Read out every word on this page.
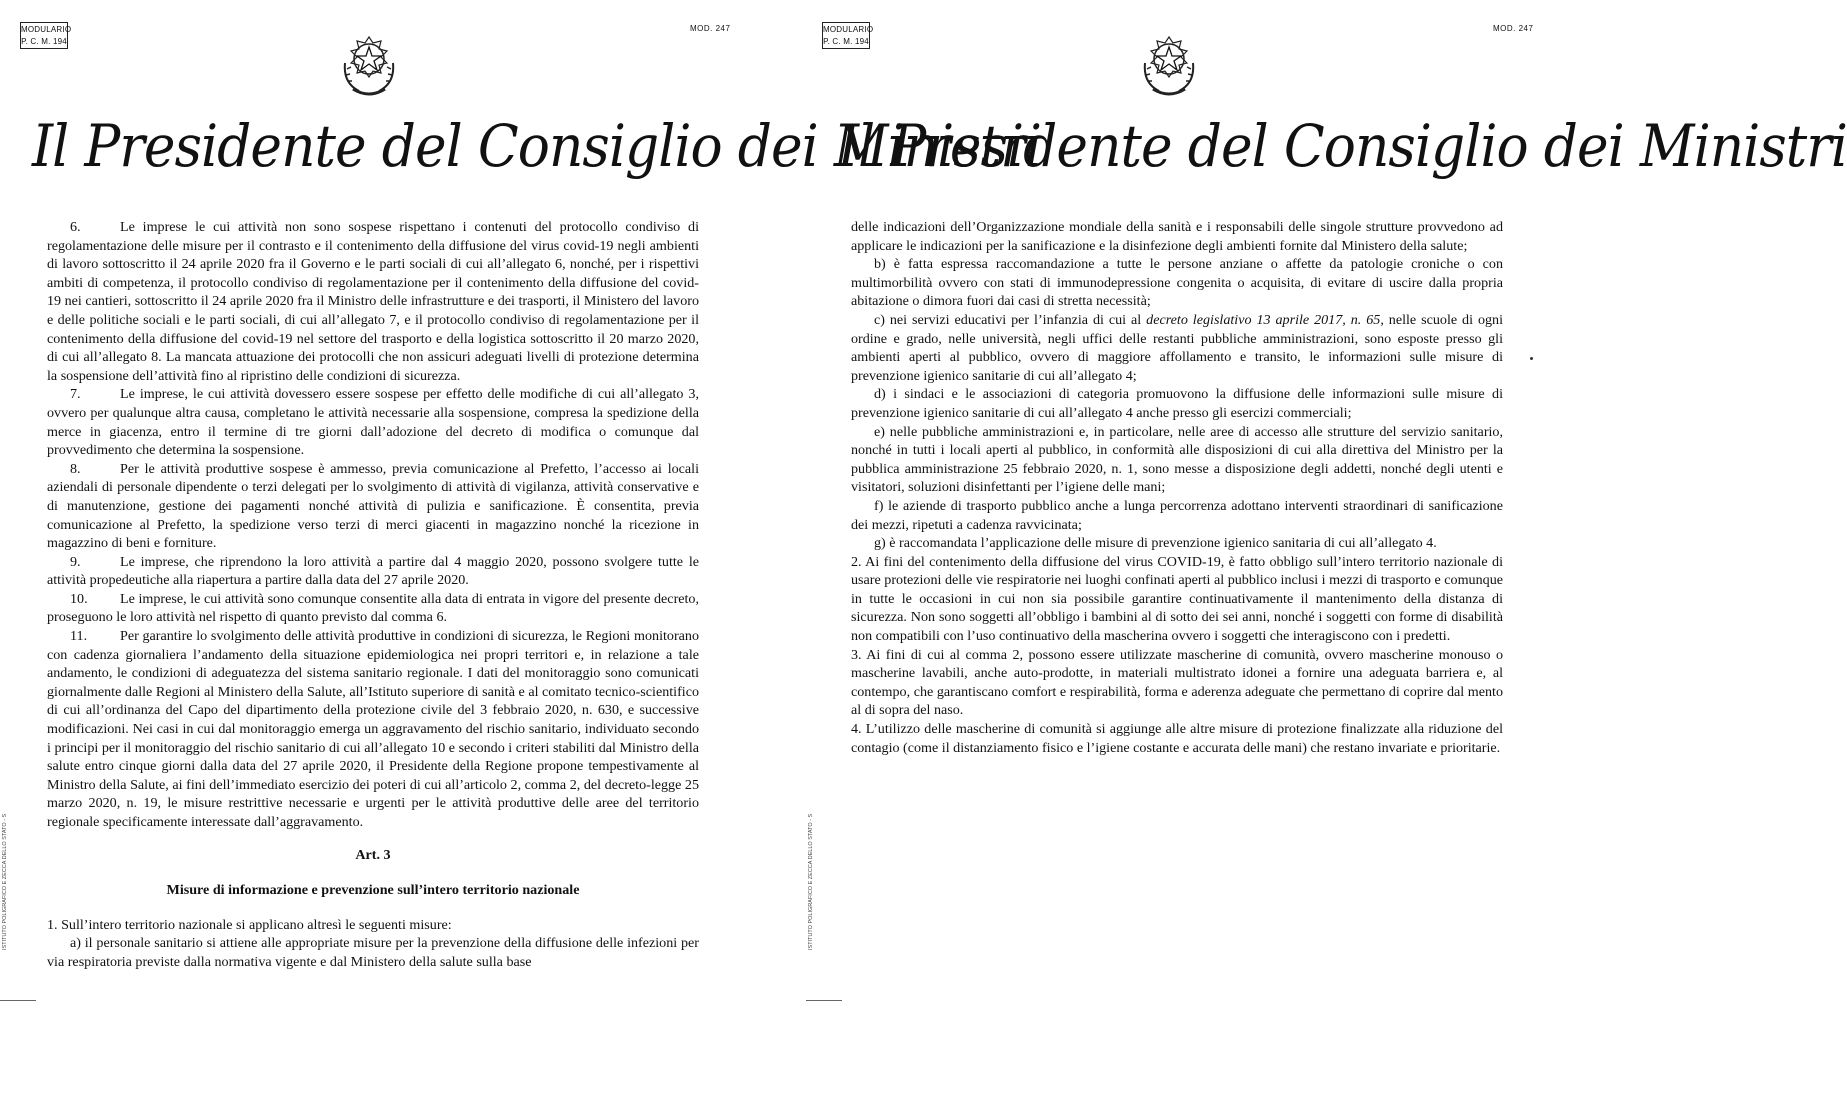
MODULARIO
P. C. M. 194
MOD. 247
Il Presidente del Consiglio dei Ministri

6.	Le imprese le cui attività non sono sospese rispettano i contenuti del protocollo condiviso di regolamentazione delle misure per il contrasto e il contenimento della diffusione del virus covid-19 negli ambienti di lavoro sottoscritto il 24 aprile 2020 fra il Governo e le parti sociali di cui all’allegato 6, nonché, per i rispettivi ambiti di competenza, il protocollo condiviso di regolamentazione per il contenimento della diffusione del covid-19 nei cantieri, sottoscritto il 24 aprile 2020 fra il Ministro delle infrastrutture e dei trasporti, il Ministero del lavoro e delle politiche sociali e le parti sociali, di cui all’allegato 7, e il protocollo condiviso di regolamentazione per il contenimento della diffusione del covid-19 nel settore del trasporto e della logistica sottoscritto il 20 marzo 2020, di cui all’allegato 8. La mancata attuazione dei protocolli che non assicuri adeguati livelli di protezione determina la sospensione dell’attività fino al ripristino delle condizioni di sicurezza.

7.	Le imprese, le cui attività dovessero essere sospese per effetto delle modifiche di cui all’allegato 3, ovvero per qualunque altra causa, completano le attività necessarie alla sospensione, compresa la spedizione della merce in giacenza, entro il termine di tre giorni dall’adozione del decreto di modifica o comunque dal provvedimento che determina la sospensione.

8.	Per le attività produttive sospese è ammesso, previa comunicazione al Prefetto, l’accesso ai locali aziendali di personale dipendente o terzi delegati per lo svolgimento di attività di vigilanza, attività conservative e di manutenzione, gestione dei pagamenti nonché attività di pulizia e sanificazione. È consentita, previa comunicazione al Prefetto, la spedizione verso terzi di merci giacenti in magazzino nonché la ricezione in magazzino di beni e forniture.

9.	Le imprese, che riprendono la loro attività a partire dal 4 maggio 2020, possono svolgere tutte le attività propedeutiche alla riapertura a partire dalla data del 27 aprile 2020.

10. Le imprese, le cui attività sono comunque consentite alla data di entrata in vigore del presente decreto, proseguono le loro attività nel rispetto di quanto previsto dal comma 6.

11. Per garantire lo svolgimento delle attività produttive in condizioni di sicurezza, le Regioni monitorano con cadenza giornaliera l’andamento della situazione epidemiologica nei propri territori e, in relazione a tale andamento, le condizioni di adeguatezza del sistema sanitario regionale. I dati del monitoraggio sono comunicati giornalmente dalle Regioni al Ministero della Salute, all’Istituto superiore di sanità e al comitato tecnico-scientifico di cui all’ordinanza del Capo del dipartimento della protezione civile del 3 febbraio 2020, n. 630, e successive modificazioni. Nei casi in cui dal monitoraggio emerga un aggravamento del rischio sanitario, individuato secondo i principi per il monitoraggio del rischio sanitario di cui all’allegato 10 e secondo i criteri stabiliti dal Ministro della salute entro cinque giorni dalla data del 27 aprile 2020, il Presidente della Regione propone tempestivamente al Ministro della Salute, ai fini dell’immediato esercizio dei poteri di cui all’articolo 2, comma 2, del decreto-legge 25 marzo 2020, n. 19, le misure restrittive necessarie e urgenti per le attività produttive delle aree del territorio regionale specificamente interessate dall’aggravamento.

Art. 3

Misure di informazione e prevenzione sull’intero territorio nazionale

1. Sull’intero territorio nazionale si applicano altresì le seguenti misure:

a) il personale sanitario si attiene alle appropriate misure per la prevenzione della diffusione delle infezioni per via respiratoria previste dalla normativa vigente e dal Ministero della salute sulla base

ISTITUTO POLIGRAFICO E ZECCA DELLO STATO - S
MODULARIO
P. C. M. 194
MOD. 247
Il Presidente del Consiglio dei Ministri

delle indicazioni dell’Organizzazione mondiale della sanità e i responsabili delle singole strutture provvedono ad applicare le indicazioni per la sanificazione e la disinfezione degli ambienti fornite dal Ministero della salute;

b) è fatta espressa raccomandazione a tutte le persone anziane o affette da patologie croniche o con multimorbilità ovvero con stati di immunodepressione congenita o acquisita, di evitare di uscire dalla propria abitazione o dimora fuori dai casi di stretta necessità;

c) nei servizi educativi per l’infanzia di cui al decreto legislativo 13 aprile 2017, n. 65, nelle scuole di ogni ordine e grado, nelle università, negli uffici delle restanti pubbliche amministrazioni, sono esposte presso gli ambienti aperti al pubblico, ovvero di maggiore affollamento e transito, le informazioni sulle misure di prevenzione igienico sanitarie di cui all’allegato 4;

d) i sindaci e le associazioni di categoria promuovono la diffusione delle informazioni sulle misure di prevenzione igienico sanitarie di cui all’allegato 4 anche presso gli esercizi commerciali;

e) nelle pubbliche amministrazioni e, in particolare, nelle aree di accesso alle strutture del servizio sanitario, nonché in tutti i locali aperti al pubblico, in conformità alle disposizioni di cui alla direttiva del Ministro per la pubblica amministrazione 25 febbraio 2020, n. 1, sono messe a disposizione degli addetti, nonché degli utenti e visitatori, soluzioni disinfettanti per l’igiene delle mani;

f) le aziende di trasporto pubblico anche a lunga percorrenza adottano interventi straordinari di sanificazione dei mezzi, ripetuti a cadenza ravvicinata;

g) è raccomandata l’applicazione delle misure di prevenzione igienico sanitaria di cui all’allegato 4.

2. Ai fini del contenimento della diffusione del virus COVID-19, è fatto obbligo sull’intero territorio nazionale di usare protezioni delle vie respiratorie nei luoghi confinati aperti al pubblico inclusi i mezzi di trasporto e comunque in tutte le occasioni in cui non sia possibile garantire continuativamente il mantenimento della distanza di sicurezza. Non sono soggetti all’obbligo i bambini al di sotto dei sei anni, nonché i soggetti con forme di disabilità non compatibili con l’uso continuativo della mascherina ovvero i soggetti che interagiscono con i predetti.

3. Ai fini di cui al comma 2, possono essere utilizzate mascherine di comunità, ovvero mascherine monouso o mascherine lavabili, anche auto-prodotte, in materiali multistrato idonei a fornire una adeguata barriera e, al contempo, che garantiscano comfort e respirabilità, forma e aderenza adeguate che permettano di coprire dal mento al di sopra del naso.

4. L’utilizzo delle mascherine di comunità si aggiunge alle altre misure di protezione finalizzate alla riduzione del contagio (come il distanziamento fisico e l’igiene costante e accurata delle mani) che restano invariate e prioritarie.

ISTITUTO POLIGRAFICO E ZECCA DELLO STATO - S
